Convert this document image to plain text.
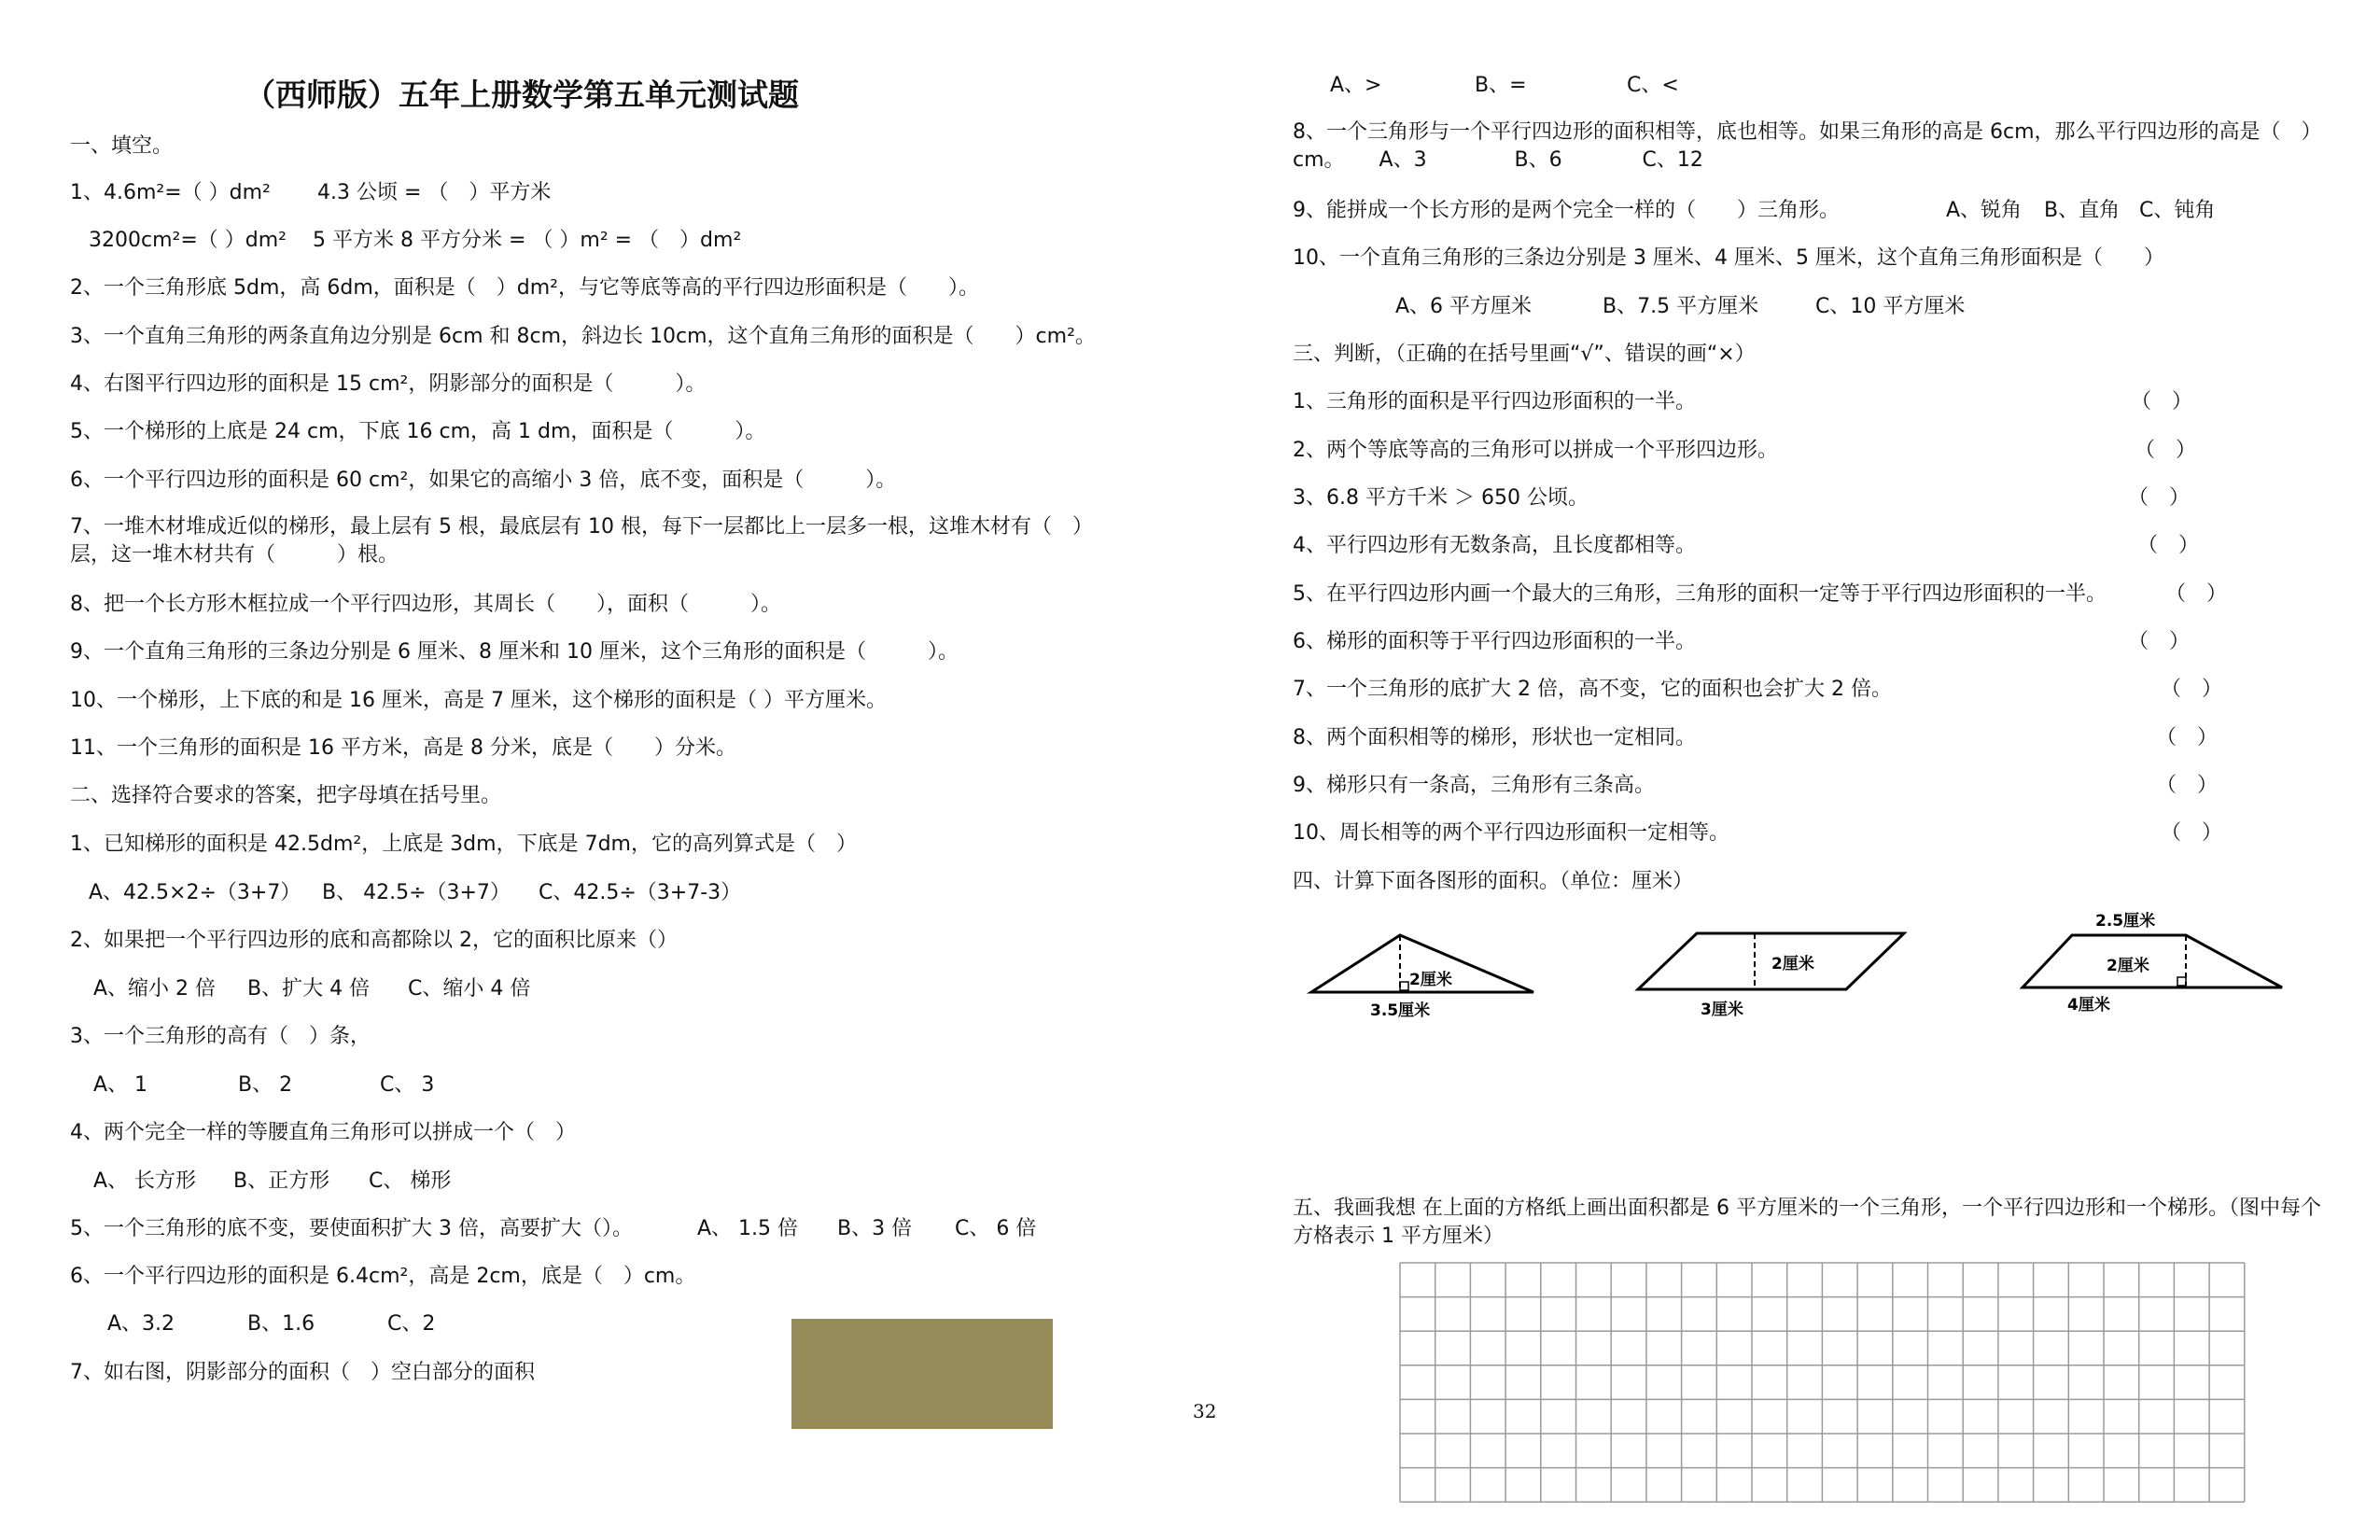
（西师版）五年上册数学第五单元测试题
一、填空。
1、4.6m²=（ ）dm² 4.3 公顷 = （　）平方米
3200cm²=（ ）dm² 5 平方米 8 平方分米 = （ ）m² = （　）dm²
2、一个三角形底 5dm，高 6dm，面积是（　）dm²，与它等底等高的平行四边形面积是（　　）。
3、一个直角三角形的两条直角边分别是 6cm 和 8cm，斜边长 10cm，这个直角三角形的面积是（　　）cm²。
4、右图平行四边形的面积是 15 cm²，阴影部分的面积是（　　　）。
5、一个梯形的上底是 24 cm，下底 16 cm，高 1 dm，面积是（　　　）。
6、一个平行四边形的面积是 60 cm²，如果它的高缩小 3 倍，底不变，面积是（　　　）。
7、一堆木材堆成近似的梯形，最上层有 5 根，最底层有 10 根，每下一层都比上一层多一根，这堆木材有（　）层，这一堆木材共有（　　　）根。
8、把一个长方形木框拉成一个平行四边形，其周长（　　），面积（　　　）。
9、一个直角三角形的三条边分别是 6 厘米、8 厘米和 10 厘米，这个三角形的面积是（　　　）。
10、一个梯形，上下底的和是 16 厘米，高是 7 厘米，这个梯形的面积是（ ）平方厘米。
11、一个三角形的面积是 16 平方米，高是 8 分米，底是（　　）分米。
二、选择符合要求的答案，把字母填在括号里。
1、已知梯形的面积是 42.5dm²，上底是 3dm，下底是 7dm，它的高列算式是（　）
A、42.5×2÷（3+7） B、 42.5÷（3+7） C、42.5÷（3+7-3）
2、如果把一个平行四边形的底和高都除以 2，它的面积比原来（）
A、缩小 2 倍 B、扩大 4 倍 C、缩小 4 倍
3、一个三角形的高有（　）条，
A、 1	B、 2	C、 3
4、两个完全一样的等腰直角三角形可以拼成一个（　）
A、 长方形 B、正方形 C、 梯形
5、一个三角形的底不变，要使面积扩大 3 倍，高要扩大（）。	A、 1.5 倍 B、3 倍 C、 6 倍
6、一个平行四边形的面积是 6.4cm²，高是 2cm，底是（　）cm。
A、3.2	B、1.6	C、2
7、如右图，阴影部分的面积（　）空白部分的面积
32
A、>	B、=	C、<
8、一个三角形与一个平行四边形的面积相等，底也相等。如果三角形的高是 6cm，那么平行四边形的高是（　）cm。 A、3	B、6	C、12
9、能拼成一个长方形的是两个完全一样的（　　）三角形。	A、锐角 B、直角 C、钝角
10、一个直角三角形的三条边分别是 3 厘米、4 厘米、5 厘米，这个直角三角形面积是（　　）
A、6 平方厘米	B、7.5 平方厘米	C、10 平方厘米
三、判断，（正确的在括号里画“√”、错误的画“×）
1、三角形的面积是平行四边形面积的一半。	（　）
2、两个等底等高的三角形可以拼成一个平形四边形。	（　）
3、6.8 平方千米 ＞ 650 公顷。	（　）
4、平行四边形有无数条高，且长度都相等。	（　）
5、在平行四边形内画一个最大的三角形，三角形的面积一定等于平行四边形面积的一半。	（　）
6、梯形的面积等于平行四边形面积的一半。	（　）
7、一个三角形的底扩大 2 倍，高不变，它的面积也会扩大 2 倍。	（　）
8、两个面积相等的梯形，形状也一定相同。	（　）
9、梯形只有一条高，三角形有三条高。	（　）
10、周长相等的两个平行四边形面积一定相等。	（　）
四、计算下面各图形的面积。（单位：厘米）
五、我画我想 在上面的方格纸上画出面积都是 6 平方厘米的一个三角形，一个平行四边形和一个梯形。（图中每个方格表示 1 平方厘米）
2厘米
3.5厘米
2厘米
3厘米
2.5厘米
2厘米
4厘米
